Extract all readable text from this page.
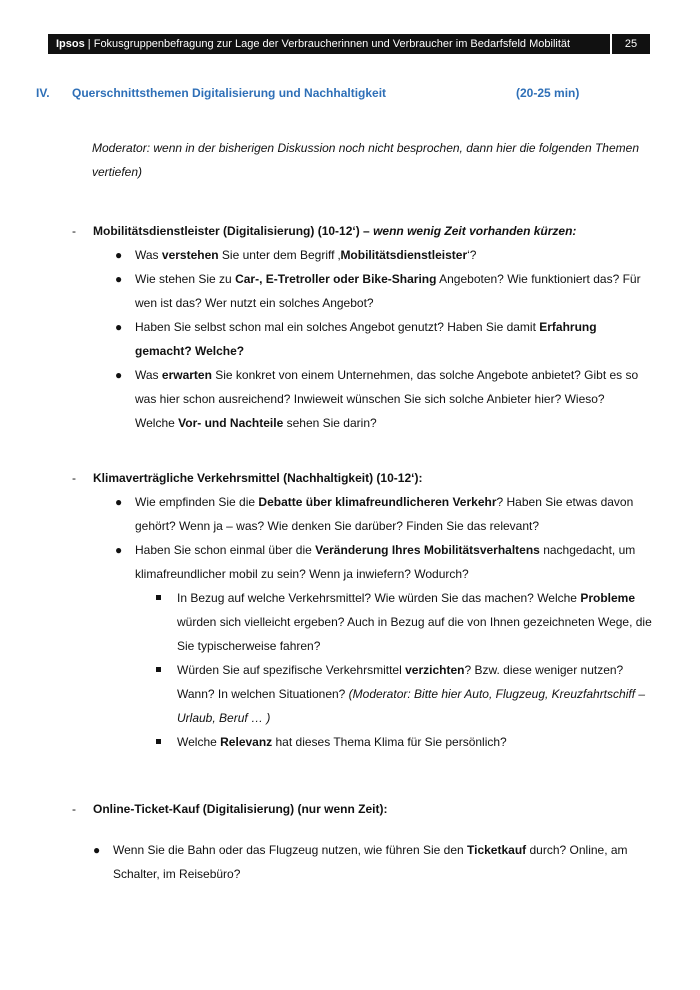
Ipsos | Fokusgruppenbefragung zur Lage der Verbraucherinnen und Verbraucher im Bedarfsfeld Mobilität	25
IV. Querschnittsthemen Digitalisierung und Nachhaltigkeit	(20-25 min)
Moderator: wenn in der bisherigen Diskussion noch nicht besprochen, dann hier die folgenden Themen vertiefen)
- Mobilitätsdienstleister (Digitalisierung) (10-12‘) – wenn wenig Zeit vorhanden kürzen:
● Was verstehen Sie unter dem Begriff ‚Mobilitätsdienstleister‘?
● Wie stehen Sie zu Car-, E-Tretroller oder Bike-Sharing Angeboten? Wie funktioniert das? Für wen ist das? Wer nutzt ein solches Angebot?
● Haben Sie selbst schon mal ein solches Angebot genutzt? Haben Sie damit Erfahrung gemacht? Welche?
● Was erwarten Sie konkret von einem Unternehmen, das solche Angebote anbietet? Gibt es so was hier schon ausreichend? Inwieweit wünschen Sie sich solche Anbieter hier? Wieso?
Welche Vor- und Nachteile sehen Sie darin?
- Klimaverträgliche Verkehrsmittel (Nachhaltigkeit) (10-12‘):
● Wie empfinden Sie die Debatte über klimafreundlicheren Verkehr? Haben Sie etwas davon gehört? Wenn ja – was? Wie denken Sie darüber? Finden Sie das relevant?
● Haben Sie schon einmal über die Veränderung Ihres Mobilitätsverhaltens nachgedacht, um klimafreundlicher mobil zu sein? Wenn ja inwiefern? Wodurch?
In Bezug auf welche Verkehrsmittel? Wie würden Sie das machen? Welche Probleme würden sich vielleicht ergeben? Auch in Bezug auf die von Ihnen gezeichneten Wege, die Sie typischerweise fahren?
Würden Sie auf spezifische Verkehrsmittel verzichten? Bzw. diese weniger nutzen? Wann? In welchen Situationen? (Moderator: Bitte hier Auto, Flugzeug, Kreuzfahrtschiff – Urlaub, Beruf … )
Welche Relevanz hat dieses Thema Klima für Sie persönlich?
- Online-Ticket-Kauf (Digitalisierung) (nur wenn Zeit):
● Wenn Sie die Bahn oder das Flugzeug nutzen, wie führen Sie den Ticketkauf durch? Online, am Schalter, im Reisebüro?
